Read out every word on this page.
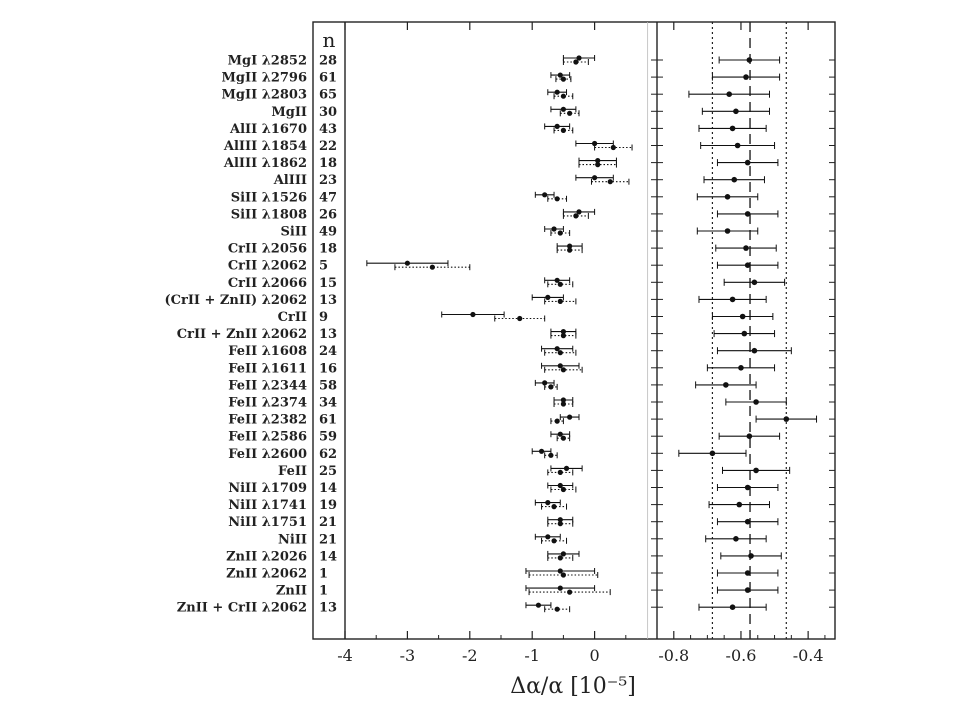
n
MgI λ2852 28
MgII λ2796 61
MgII λ2803 65
MgII 30
AlII λ1670 43
AlIII λ1854 22
AlIII λ1862 18
AlIII 23
SiII λ1526 47
SiII λ1808 26
SiII 49
CrII λ2056 18
CrII λ2062 5
CrII λ2066 15
(CrII + ZnII) λ2062 13
CrII 9
CrII + ZnII λ2062 13
FeII λ1608 24
FeII λ1611 16
FeII λ2344 58
FeII λ2374 34
FeII λ2382 61
FeII λ2586 59
FeII λ2600 62
FeII 25
NiII λ1709 14
NiII λ1741 19
NiII λ1751 21
NiII 21
ZnII λ2026 14
ZnII λ2062 1
ZnII 1
ZnII + CrII λ2062 13
-4	-3	-2	-1	0	-0.8 -0.6 -0.4
Δα/α [10⁻⁵]
